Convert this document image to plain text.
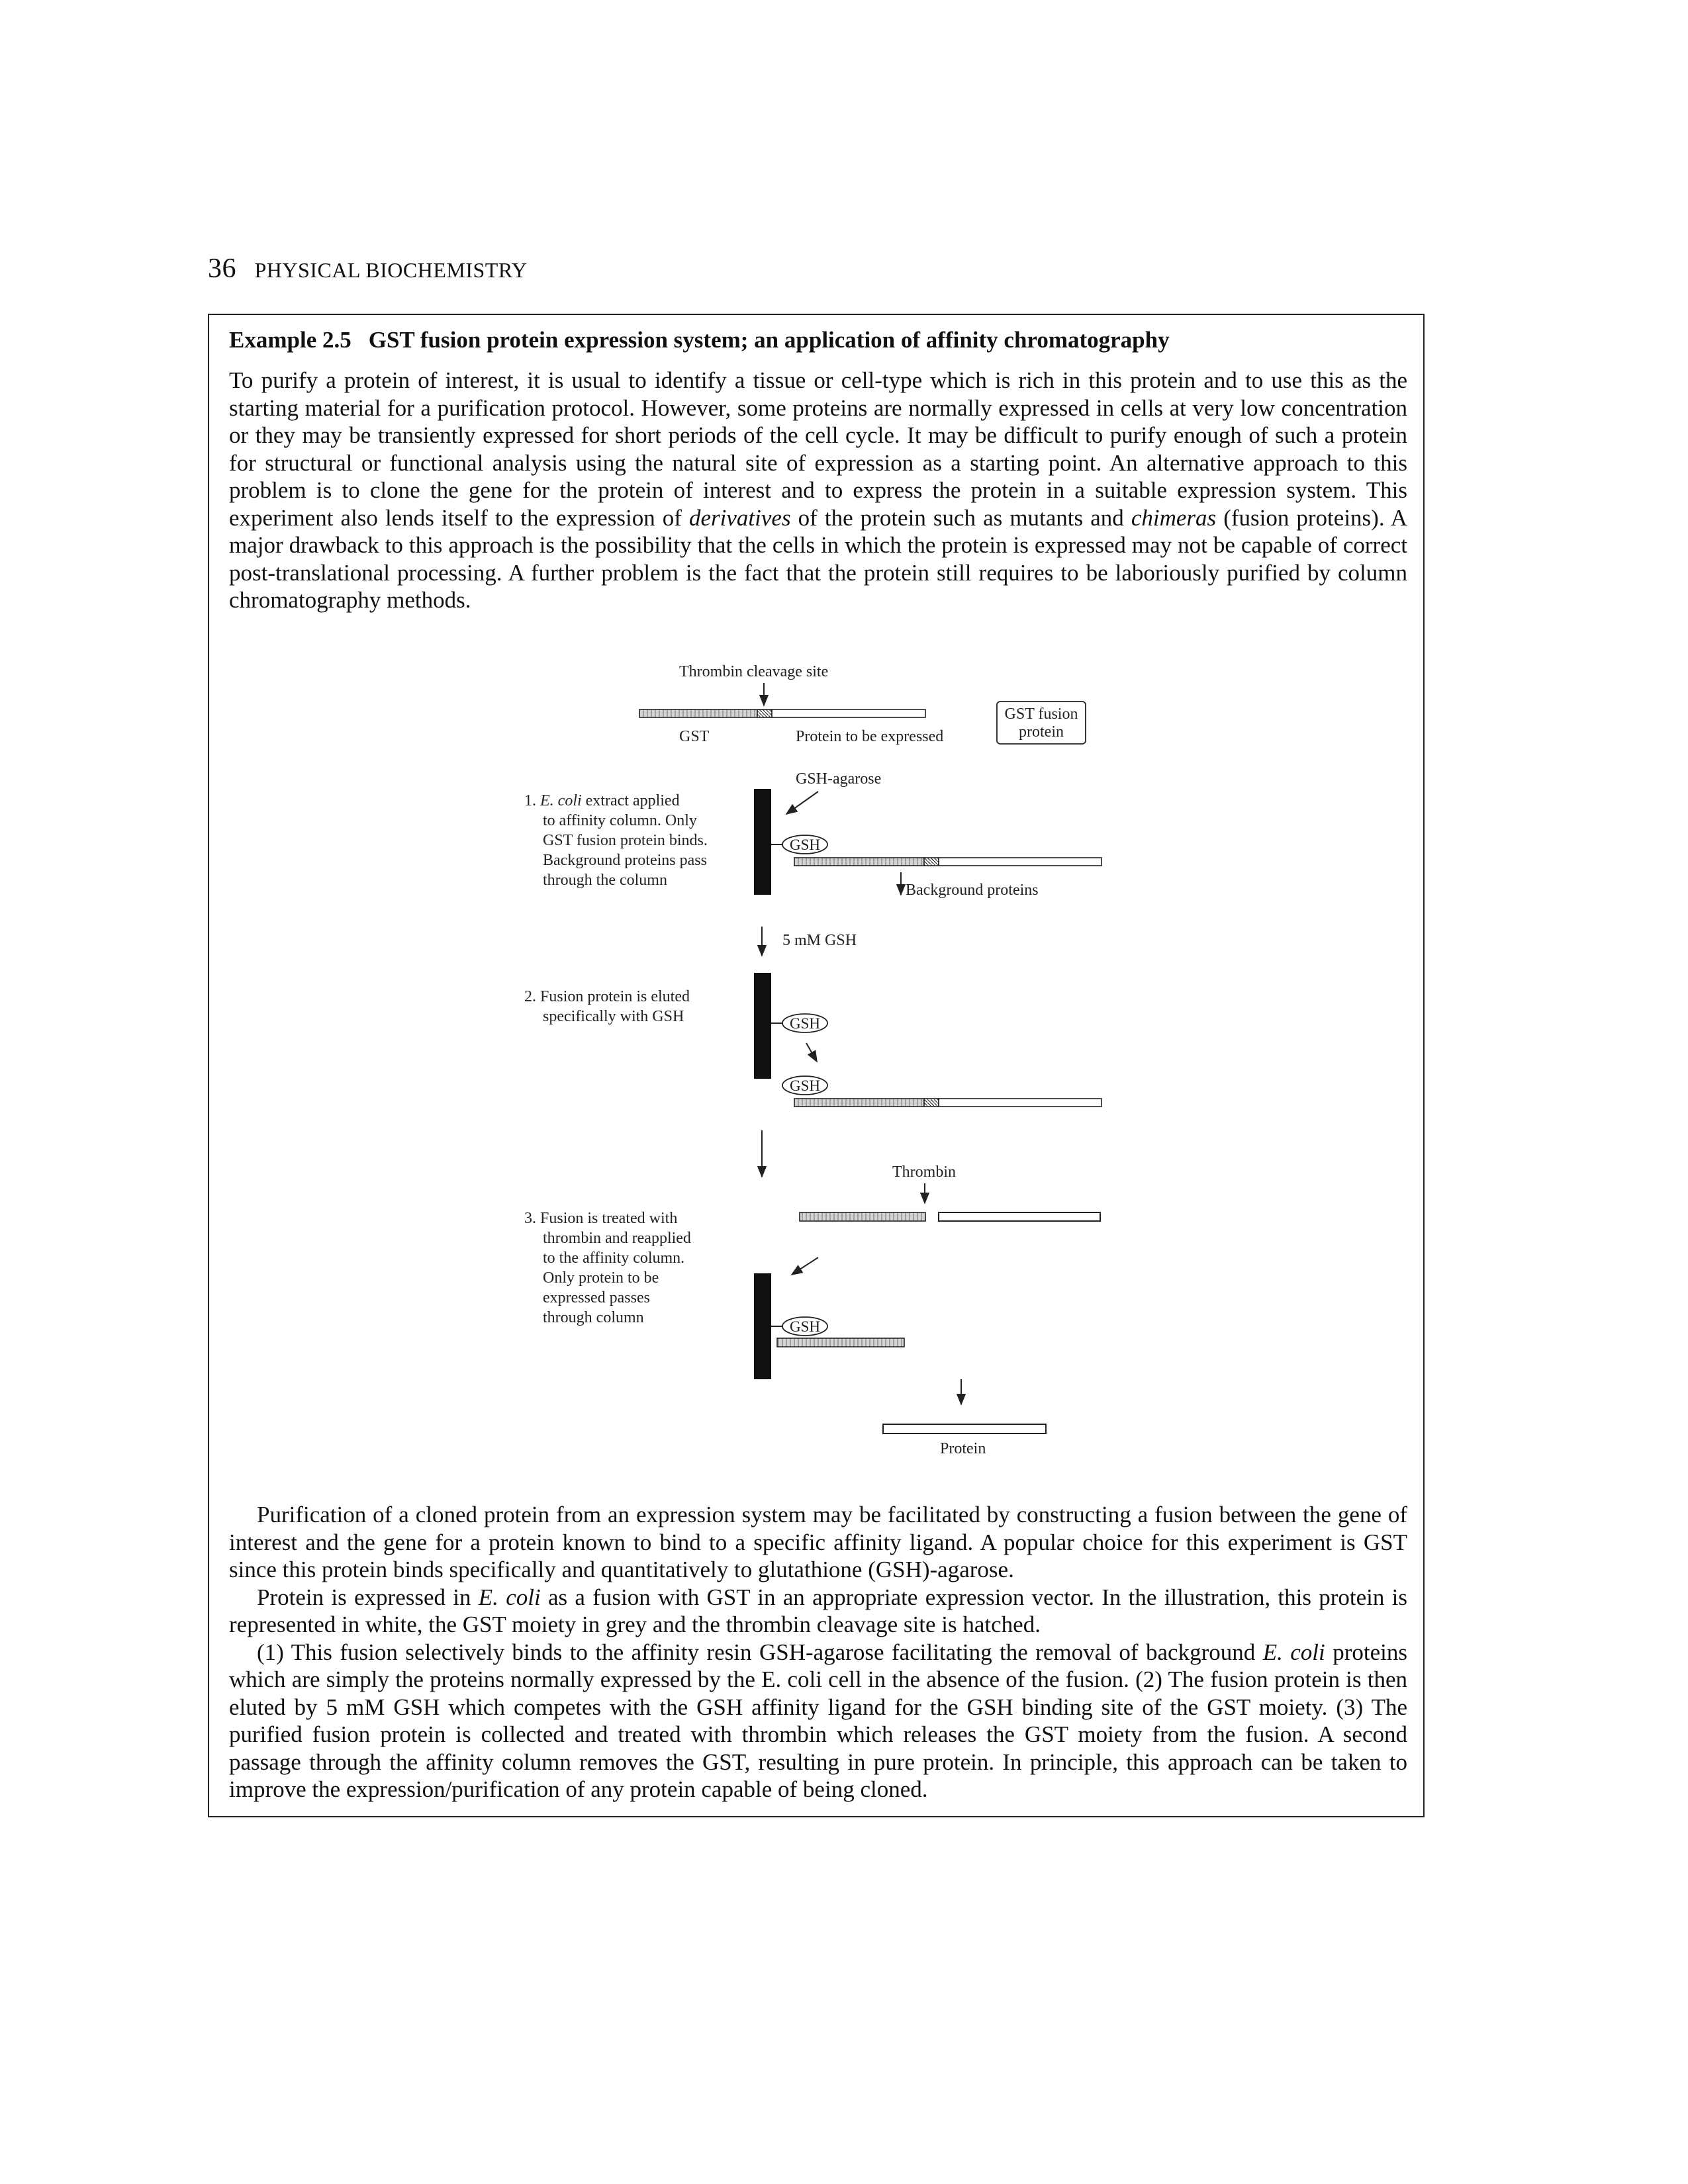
36 PHYSICAL BIOCHEMISTRY
Example 2.5 GST fusion protein expression system; an application of affinity chromatography

To purify a protein of interest, it is usual to identify a tissue or cell-type which is rich in this protein and to use this as the starting material for a purification protocol. However, some proteins are normally expressed in cells at very low concentration or they may be transiently expressed for short periods of the cell cycle. It may be difficult to purify enough of such a protein for structural or functional analysis using the natural site of expression as a starting point. An alternative approach to this problem is to clone the gene for the protein of interest and to express the protein in a suitable expression system. This experiment also lends itself to the expression of derivatives of the protein such as mutants and chimeras (fusion proteins). A major drawback to this approach is the possibility that the cells in which the protein is expressed may not be capable of correct post-translational processing. A further problem is the fact that the protein still requires to be laboriously purified by column chromatography methods.

Thrombin cleavage site
GST	Protein to be expressed
GST fusion
protein
1. E. coli extract applied to affinity column. Only GST fusion protein binds. Background proteins pass through the column
GSH-agarose
GSH
Background proteins
5 mM GSH
2. Fusion protein is eluted specifically with GSH	GSH
GSH
Thrombin
3. Fusion is treated with thrombin and reapplied to the affinity column. Only protein to be expressed passes through column
GSH
Protein

Purification of a cloned protein from an expression system may be facilitated by constructing a fusion between the gene of interest and the gene for a protein known to bind to a specific affinity ligand. A popular choice for this experiment is GST since this protein binds specifically and quantitatively to glutathione (GSH)-agarose.

Protein is expressed in E. coli as a fusion with GST in an appropriate expression vector. In the illustration, this protein is represented in white, the GST moiety in grey and the thrombin cleavage site is hatched.

(1) This fusion selectively binds to the affinity resin GSH-agarose facilitating the removal of background E. coli proteins which are simply the proteins normally expressed by the E. coli cell in the absence of the fusion. (2) The fusion protein is then eluted by 5 mM GSH which competes with the GSH affinity ligand for the GSH binding site of the GST moiety. (3) The purified fusion protein is collected and treated with thrombin which releases the GST moiety from the fusion. A second passage through the affinity column removes the GST, resulting in pure protein. In principle, this approach can be taken to improve the expression/purification of any protein capable of being cloned.
